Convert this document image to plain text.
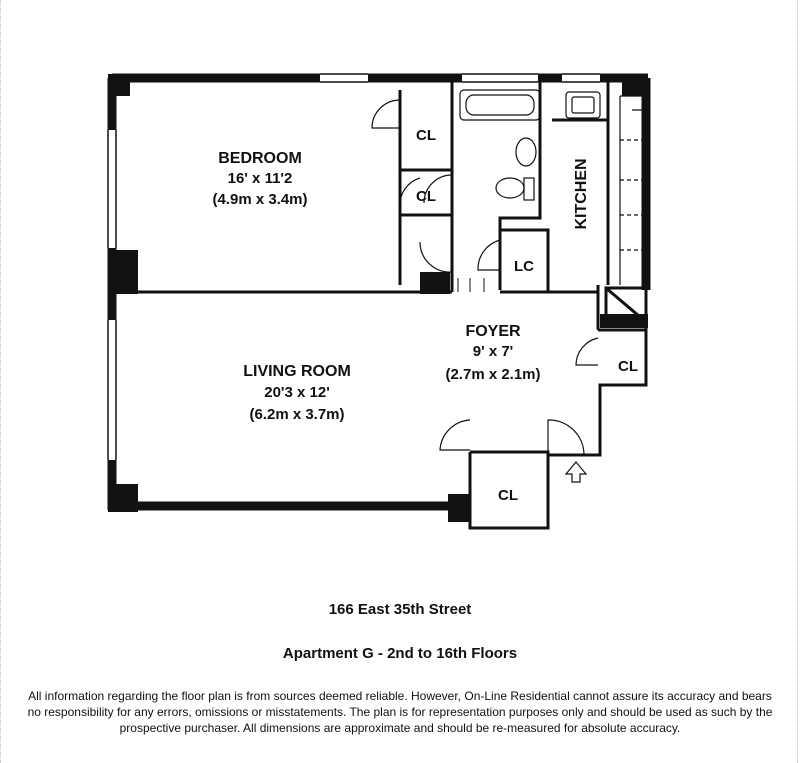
BEDROOM
16' x 11'2
(4.9m x 3.4m)
LIVING ROOM
20'3 x 12'
(6.2m x 3.7m)
FOYER
9' x 7'
(2.7m x 2.1m)
KITCHEN
CL
CL
LC
CL
CL
166 East 35th Street
Apartment G - 2nd to 16th Floors
All information regarding the floor plan is from sources deemed reliable. However, On-Line Residential cannot assure its accuracy and bears no responsibility for any errors, omissions or misstatements. The plan is for representation purposes only and should be used as such by the prospective purchaser. All dimensions are approximate and should be re-measured for absolute accuracy.
